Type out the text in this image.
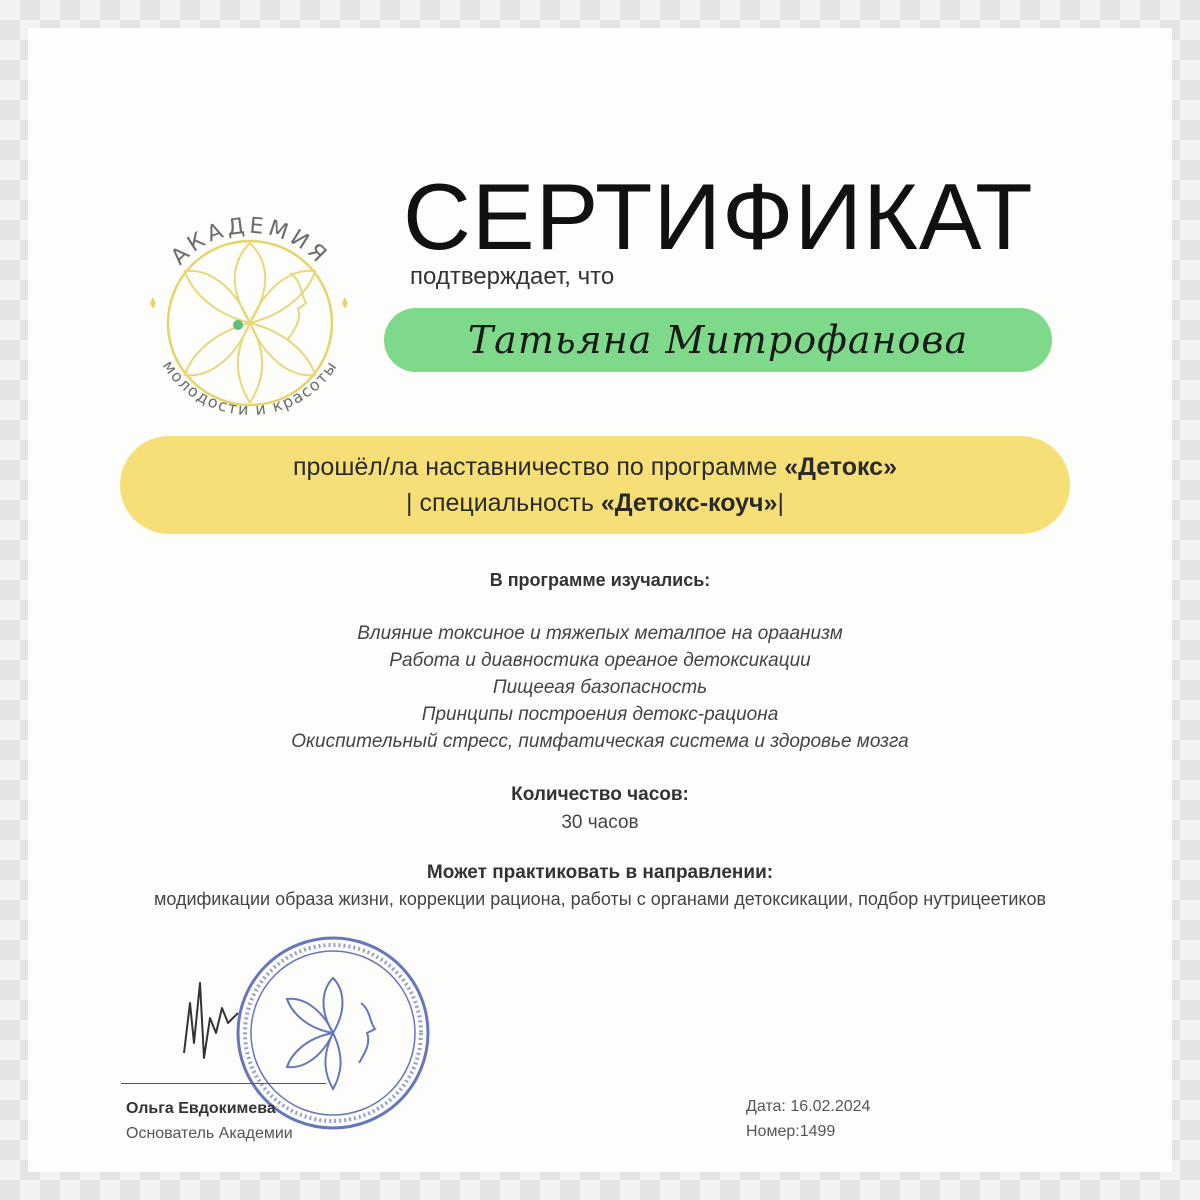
АКАДЕМИЯ
молодости и красоты
СЕРТИФИКАТ
подтверждает, что
Татьяна Митрофанова
прошёл/ла наставничество по программе «Детокс»
| специальность «Детокс-коуч»|
В программе изучались:
Влияние токсиное и тяжепых металпое на ораанизм
Работа и диавностика ореаное детоксикации
Пищееая базопасность
Принципы построения детокс-рациона
Окиспительный стресс, пимфатическая система и здоровье мозга
Количество часов:
30 часов
Может практиковать в направлении:
модификации образа жизни, коррекции рациона, работы с органами детоксикации, подбор нутрицеетиков
Ольга Евдокимева
Основатель Академии
Дата: 16.02.2024
Номер:1499
